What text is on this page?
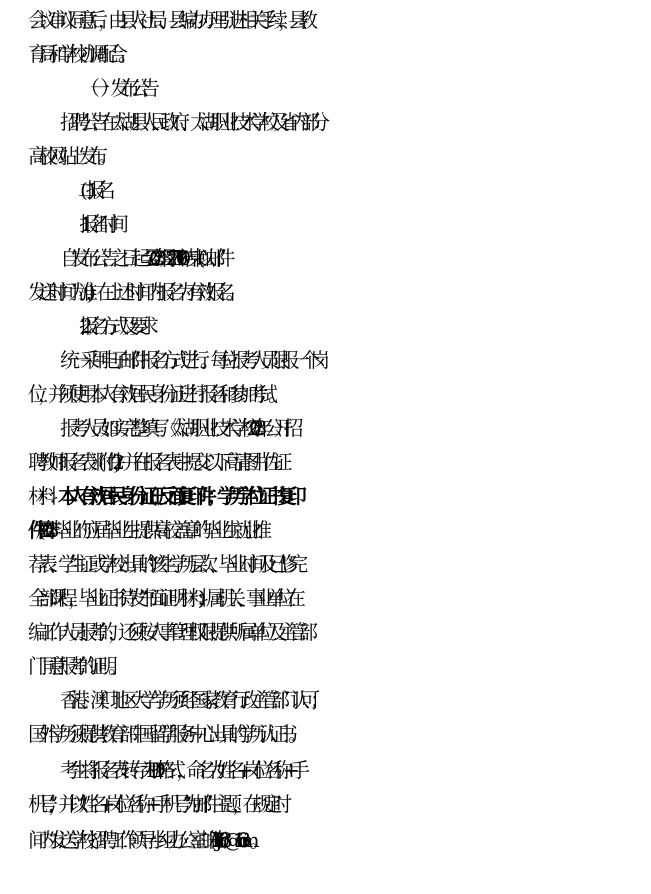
会议审议同意后，由县人社局、县编办办理引进相关手续，县教
育局和学校协调配合。
（一）发布公告
招聘公告在太湖县人民政府、太湖职业技术学校及省内部分
高校网站上发布。
(二)报名
1.报名时间
自发布公告之日起至 2023 年 3 月 27 日 17:00 结束(以邮件
发送时间为准)，在上述时间内报名为有效报名。
2.报名方式及要求
统一采用电子邮件报名方式进行。每位报考人员限报一个岗
位，并须使用本人有效居民身份证进行报名和参加考试。
报考人员如实完整填写《太湖职业技术学校 2023 年公开招
聘教师报名表》(附件 2)，并在报名表中提交以下高清图片佐证
材料：本人有效居民身份证(正反面)复印件；学历学位证书复印
件(属  2023  年毕业的应届毕业生提供高校盖章的毕业生就业推
荐表、学生证或学校出具的“该生学历层次、毕业时间及已修完
全部课程，毕业证书待发”书面证明材料)；属机关、事业单位在
编工作人员报考的，还须按人事管理权限提供所属单位及主管部
门同意报考的证明。
香港、澳门地区大学学历须经国家教育行政主管部门认可；
国外学历须提供教育部中国留学服务中心出具的学历认证书。
考生将报名表转存为 PDF 格式，命名为“姓名+岗位名称+手
机号”，并以“姓名+岗位名称+手机号”为邮件主题，在规定时
间内发送学校招聘工作领导小组办公室邮箱 thzj1103@163.com。
